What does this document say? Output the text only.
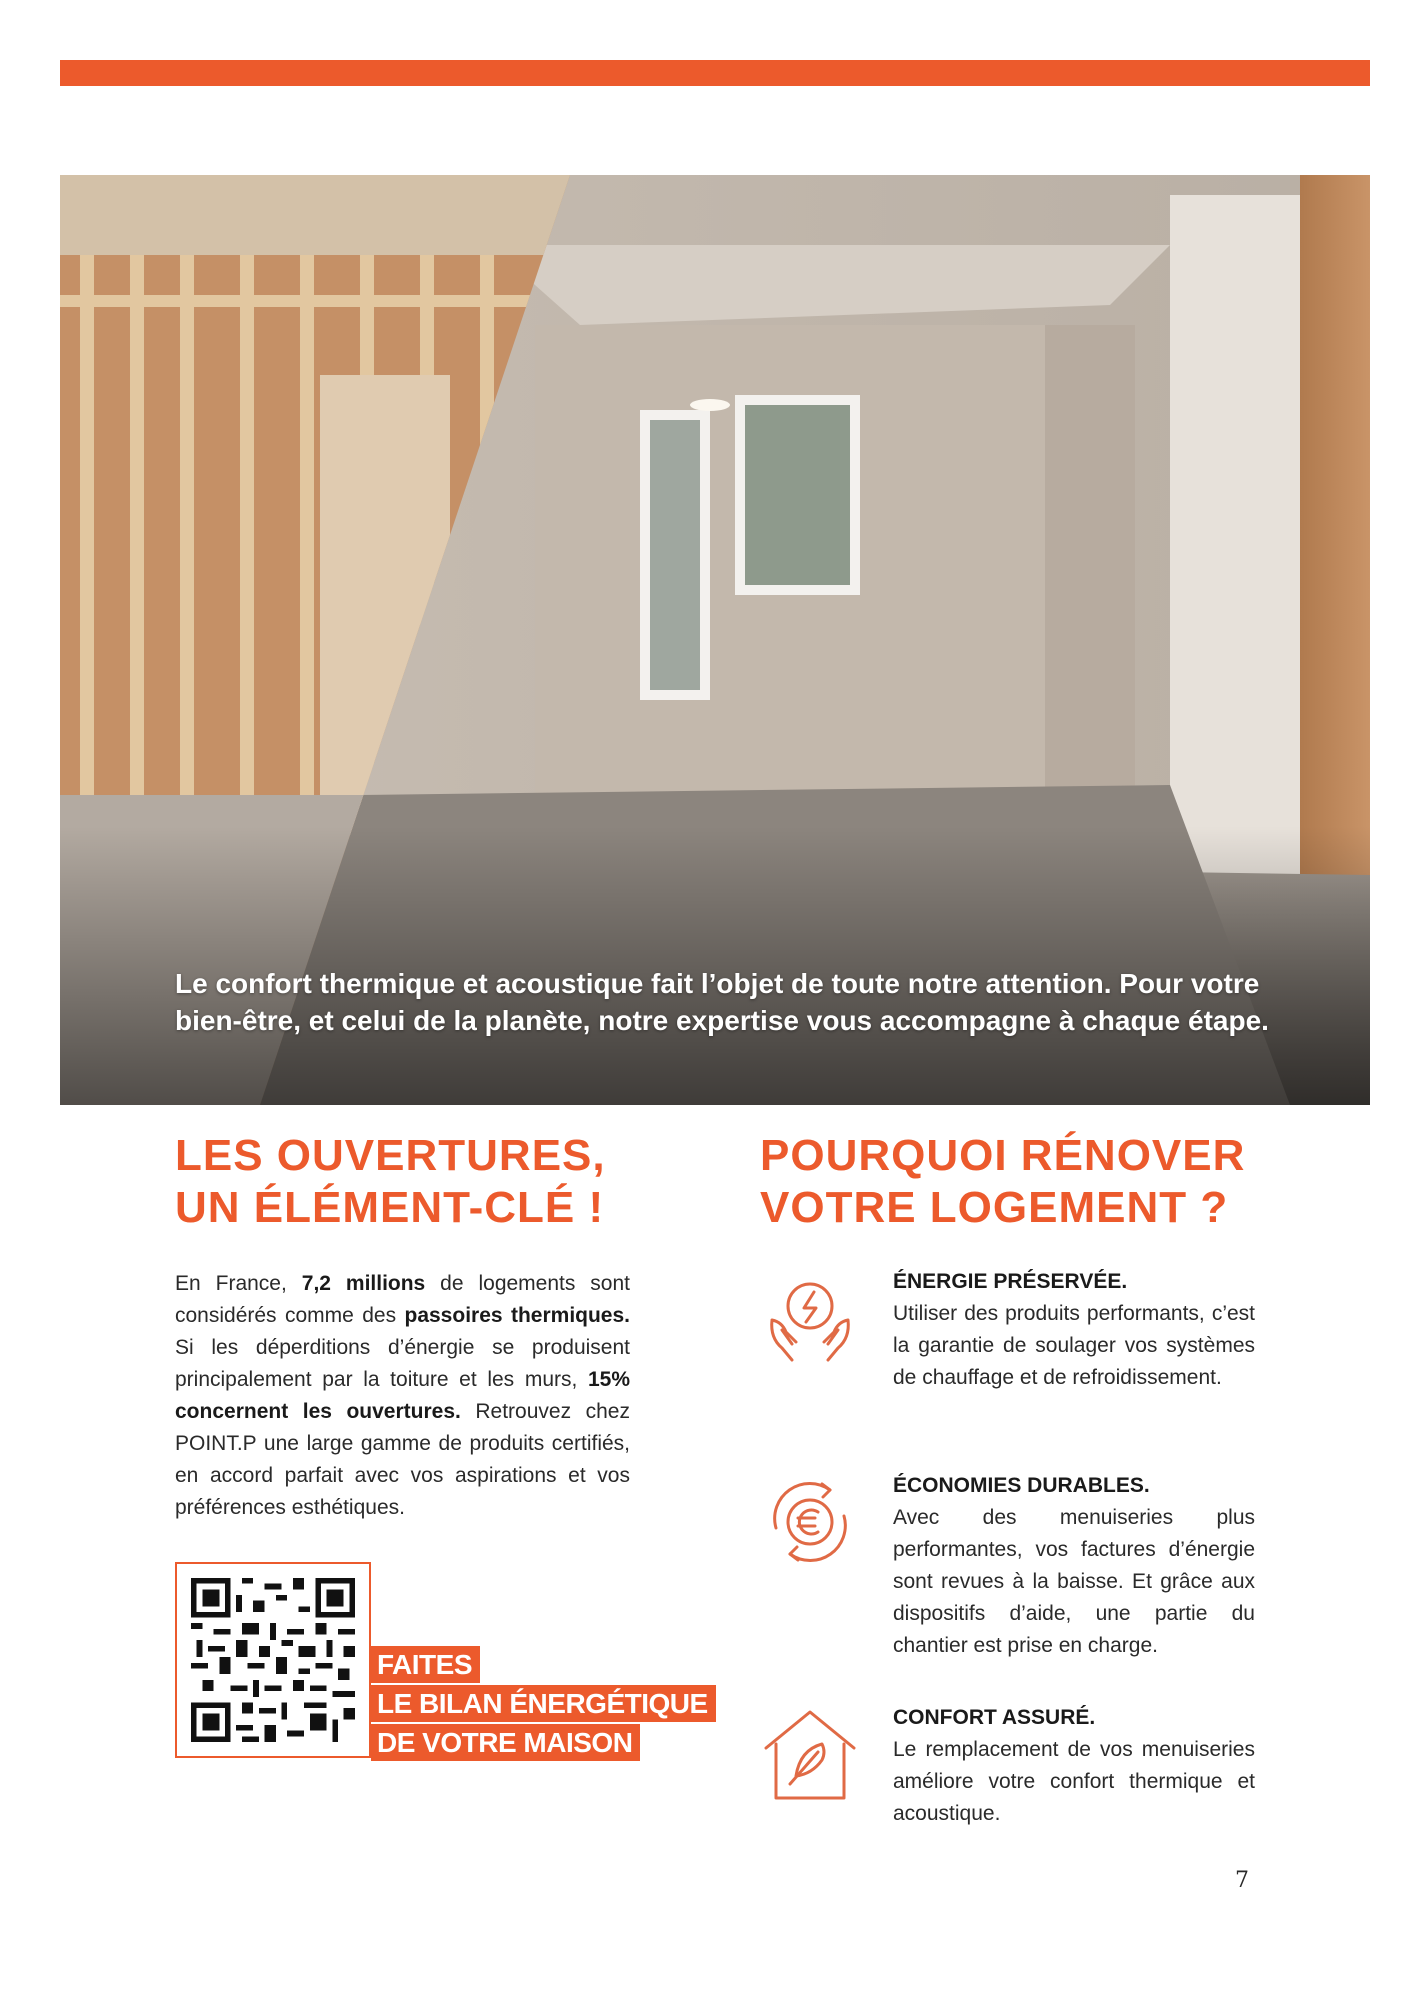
Le confort thermique et acoustique fait l’objet de toute notre attention. Pour votre bien-être, et celui de la planète, notre expertise vous accompagne à chaque étape.
LES OUVERTURES,
UN ÉLÉMENT-CLÉ !
POURQUOI RÉNOVER
VOTRE LOGEMENT ?

En France, 7,2 millions de logements sont considérés comme des passoires thermiques. Si les déperditions d’énergie se produisent principalement par la toiture et les murs, 15% concernent les ouvertures. Retrouvez chez POINT.P une large gamme de produits certifiés, en accord parfait avec vos aspirations et vos préférences esthétiques.

FAITES
LE BILAN ÉNERGÉTIQUE
DE VOTRE MAISON
ÉNERGIE PRÉSERVÉE.

Utiliser des produits performants, c’est la garantie de soulager vos systèmes de chauffage et de refroidissement.

ÉCONOMIES DURABLES.

Avec des menuiseries plus performantes, vos factures d’énergie sont revues à la baisse. Et grâce aux dispositifs d’aide, une partie du chantier est prise en charge.

CONFORT ASSURÉ.

Le remplacement de vos menuiseries améliore votre confort thermique et acoustique.

7
